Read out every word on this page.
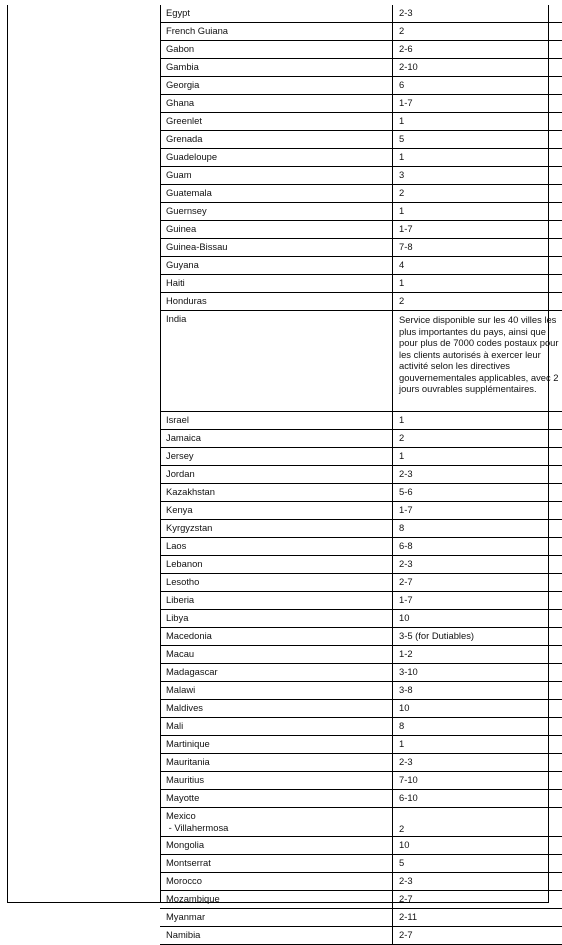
Egypt	2-3
French Guiana	2
Gabon	2-6
Gambia	2-10
Georgia	6
Ghana	1-7
Greenlet	1
Grenada	5
Guadeloupe	1
Guam	3
Guatemala	2
Guernsey	1
Guinea	1-7
Guinea-Bissau	7-8
Guyana	4
Haiti	1
Honduras	2
India	Service disponible sur les 40 villes les plus importantes du pays, ainsi que pour plus de 7000 codes postaux pour les clients autorisés à exercer leur activité selon les directives gouvernementales applicables, avec 2 jours ouvrables supplémentaires.
Israel	1
Jamaica	2
Jersey	1
Jordan	2-3
Kazakhstan	5-6
Kenya	1-7
Kyrgyzstan	8
Laos	6-8
Lebanon	2-3
Lesotho	2-7
Liberia	1-7
Libya	10
Macedonia	3-5 (for Dutiables)
Macau	1-2
Madagascar	3-10
Malawi	3-8
Maldives	10
Mali	8
Martinique	1
Mauritania	2-3
Mauritius	7-10
Mayotte	6-10
Mexico
- Villahermosa	2
Mongolia	10
Montserrat	5
Morocco	2-3
Mozambique	2-7
Myanmar	2-11
Namibia	2-7
